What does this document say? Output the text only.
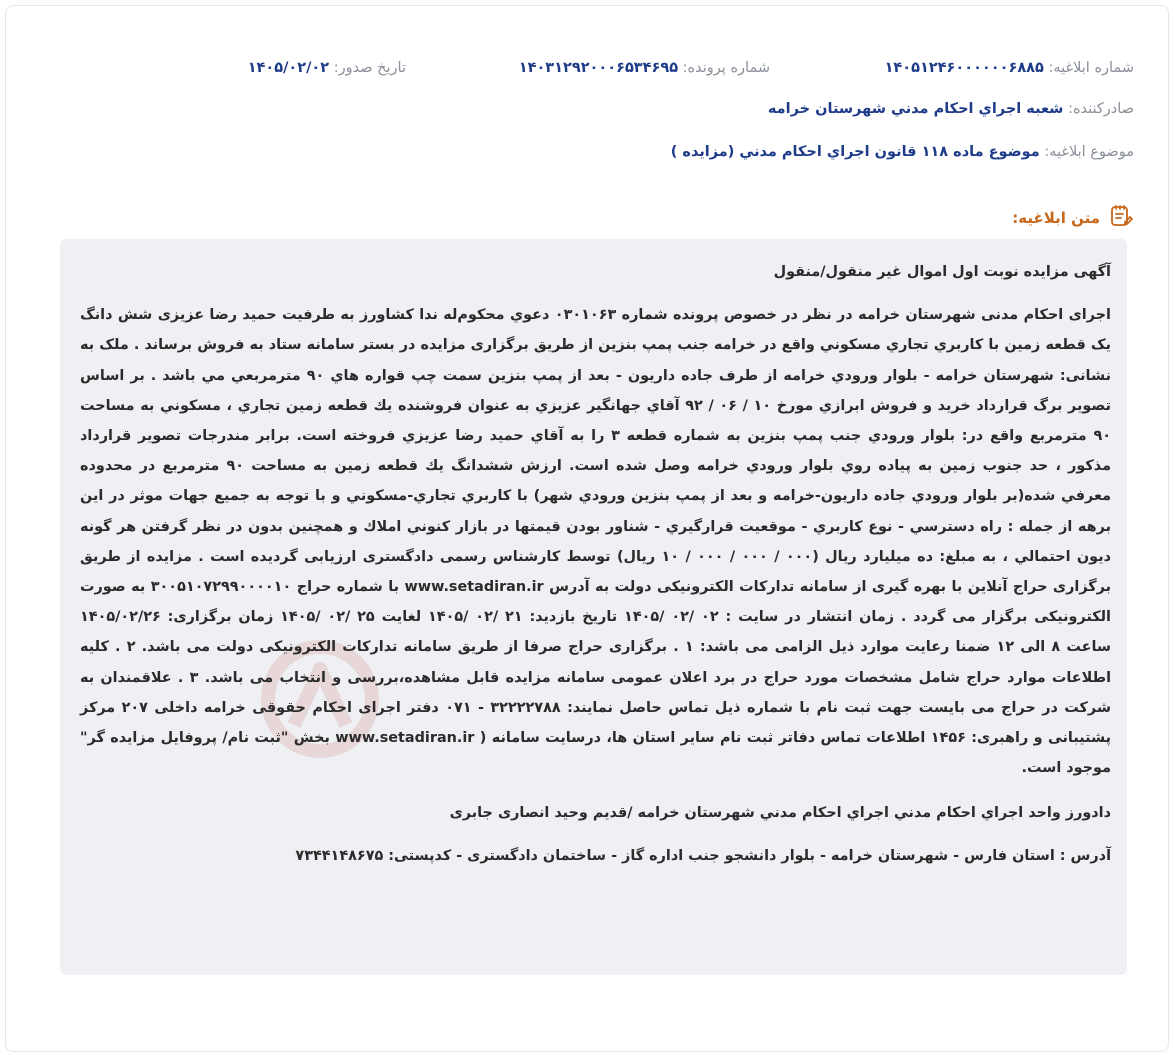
شماره ابلاغيه: ۱۴۰۵۱۲۴۶۰۰۰۰۰۰۶۸۸۵
شماره پرونده: ۱۴۰۳۱۲۹۲۰۰۰۶۵۳۴۶۹۵
تاريخ صدور: ۱۴۰۵/۰۲/۰۲
صادرکننده: شعبه اجراي احکام مدني شهرستان خرامه
موضوع ابلاغيه: موضوع ماده ۱۱۸ قانون اجراي احکام مدني (مزايده )
متن ابلاغيه:

آگهی مزایده نوبت اول اموال غیر منقول/منقول

اجرای احکام مدنی شهرستان خرامه در نظر در خصوص پرونده شماره ۰۳۰۱۰۶۳ دعوي محکوم‌له ندا کشاورز به طرفیت حمید رضا عزیزی شش دانگ یک قطعه زمین با کاربري تجاري مسکوني واقع در خرامه جنب پمپ بنزین از طریق برگزاری مزایده در بستر سامانه ستاد به فروش برساند . ملک به نشانی: شهرستان خرامه - بلوار ورودي خرامه از طرف جاده داریون - بعد از پمپ بنزين سمت چپ قواره هاي ۹۰ مترمربعي مي باشد . بر اساس تصوير برگ قرارداد خريد و فروش ابرازي مورخ ۱۰ / ۰۶ / ۹۲ آقاي جهانگير عزيزي به عنوان فروشنده يك قطعه زمين تجاري ، مسكوني به مساحت ۹۰ مترمربع واقع در: بلوار ورودي جنب پمپ بنزين به شماره قطعه ۳ را به آقاي حميد رضا عزيزي فروخته است. برابر مندرجات تصوير قرارداد مذكور ، حد جنوب زمين به پياده روي بلوار ورودي خرامه وصل شده است. ارزش ششدانگ يك قطعه زمين به مساحت ۹۰ مترمربع در محدوده معرفي شده(بر بلوار ورودي جاده داريون-خرامه و بعد از پمپ بنزين ورودي شهر) با كاربري تجاري-مسكوني و با توجه به جميع جهات موثر در اين برهه از جمله : راه دسترسي - نوع كاربري - موقعيت قرارگيري - شناور بودن قيمتها در بازار كنوني املاك و همچنين بدون در نظر گرفتن هر گونه ديون احتمالي ، به مبلغ: ده ميليارد ريال (۰۰۰ / ۰۰۰ / ۰۰۰ / ۱۰ ريال) توسط کارشناس رسمی دادگستری ارزیابی گردیده است . مزایده از طریق برگزاری حراج آنلاین با بهره گیری از سامانه تدارکات الکترونیکی دولت به آدرس www.setadiran.ir با شماره حراج ۳۰۰۵۱۰۷۲۹۹۰۰۰۰۱۰ به صورت الکترونیکی برگزار می گردد . زمان انتشار در سایت : ۰۲ /۰۲ /۱۴۰۵ تاریخ بازدید: ۲۱ /۰۲ /۱۴۰۵ لغایت ۲۵ /۰۲ /۱۴۰۵ زمان برگزاری: ۱۴۰۵/۰۲/۲۶ ساعت ۸ الی ۱۲ ضمنا رعایت موارد ذیل الزامی می باشد: ۱ . برگزاری حراج صرفا از طریق سامانه تدارکات الکترونیکی دولت می باشد. ۲ . کلیه اطلاعات موارد حراج شامل مشخصات مورد حراج در برد اعلان عمومی سامانه مزایده قابل مشاهده،بررسی و انتخاب می باشد. ۳ . علاقمندان به شرکت در حراج می بایست جهت ثبت نام با شماره ذیل تماس حاصل نمایند: ۳۲۲۲۲۷۸۸ - ۰۷۱ دفتر اجرای احکام حقوقی خرامه داخلی ۲۰۷ مرکز پشتیبانی و راهبری: ۱۴۵۶ اطلاعات تماس دفاتر ثبت نام سایر استان ها، درسایت سامانه ( www.setadiran.ir بخش "ثبت نام/ پروفایل مزایده گر" موجود است.

دادورز واحد اجراي احکام مدني اجراي احکام مدني شهرستان خرامه /قدیم وحید انصاری جابری

آدرس : استان فارس - شهرستان خرامه - بلوار دانشجو جنب اداره گاز - ساختمان دادگستری - کدپستی: ۷۳۴۴۱۴۸۶۷۵
